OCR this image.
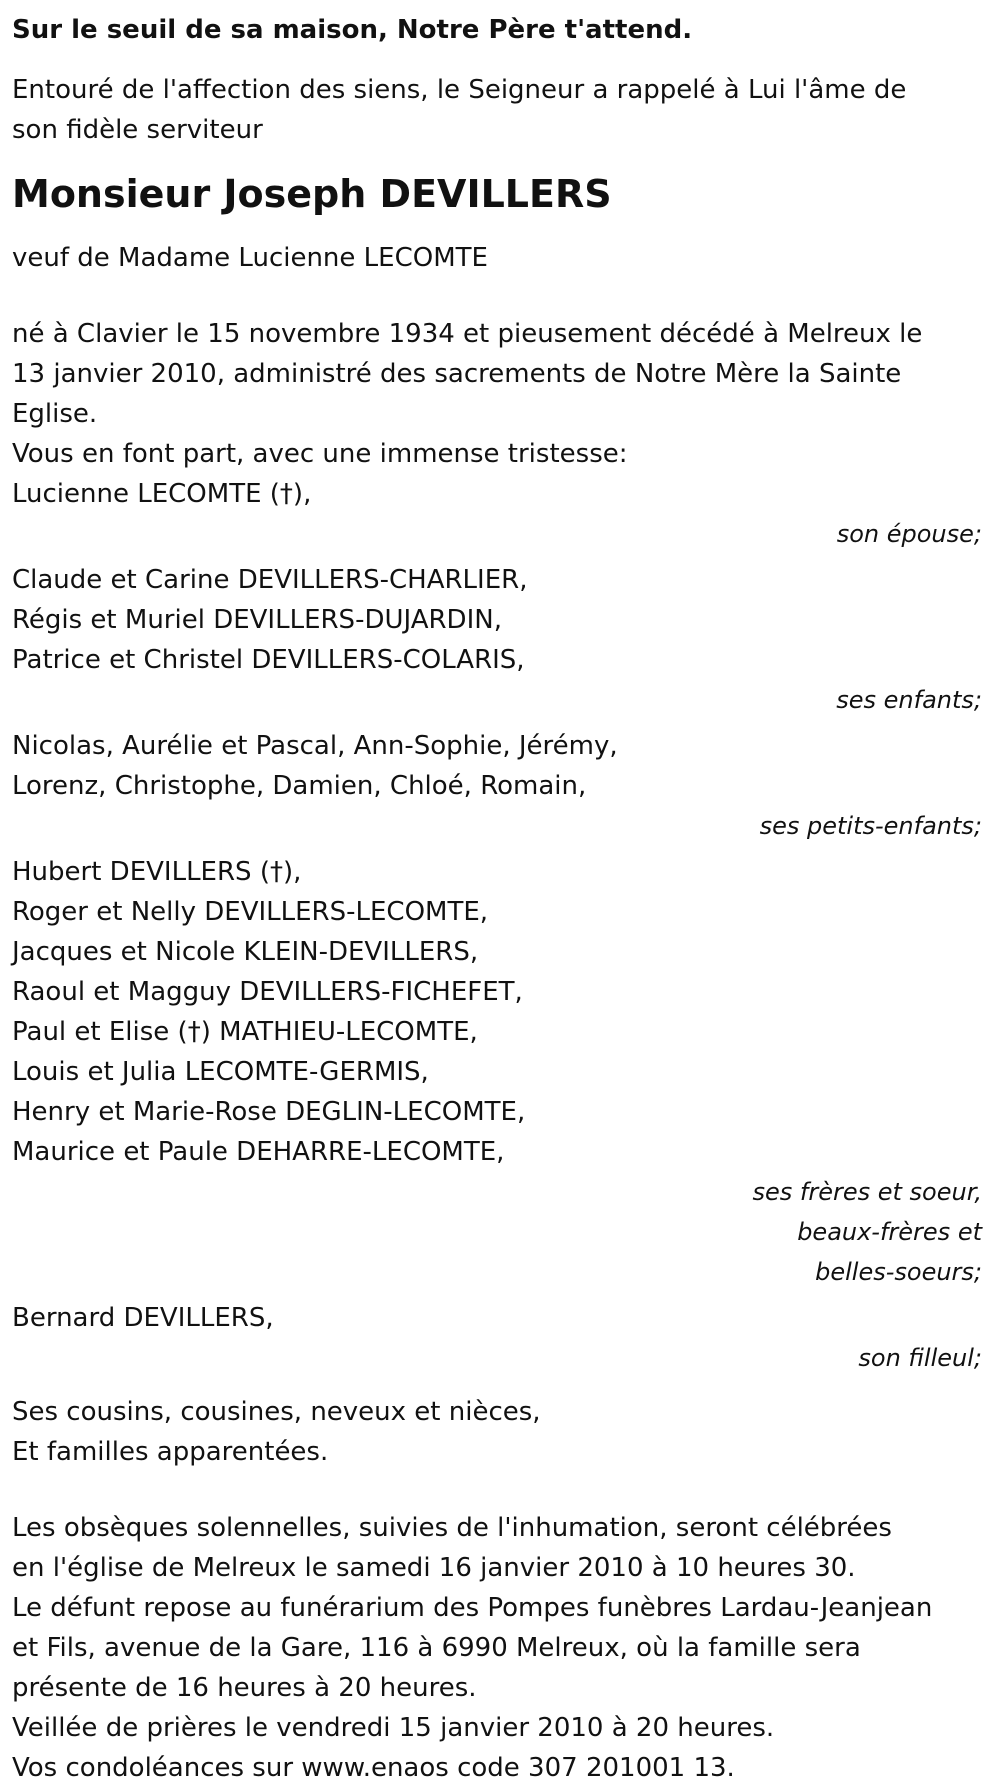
Sur le seuil de sa maison, Notre Père t'attend.
Entouré de l'affection des siens, le Seigneur a rappelé à Lui l'âme de son fidèle serviteur
Monsieur Joseph DEVILLERS
veuf de Madame Lucienne LECOMTE
né à Clavier le 15 novembre 1934 et pieusement décédé à Melreux le 13 janvier 2010, administré des sacrements de Notre Mère la Sainte Eglise.
Vous en font part, avec une immense tristesse:
Lucienne LECOMTE (†),
son épouse;
Claude et Carine DEVILLERS-CHARLIER,
Régis et Muriel DEVILLERS-DUJARDIN,
Patrice et Christel DEVILLERS-COLARIS,
ses enfants;
Nicolas, Aurélie et Pascal, Ann-Sophie, Jérémy,
Lorenz, Christophe, Damien, Chloé, Romain,
ses petits-enfants;
Hubert DEVILLERS (†),
Roger et Nelly DEVILLERS-LECOMTE,
Jacques et Nicole KLEIN-DEVILLERS,
Raoul et Magguy DEVILLERS-FICHEFET,
Paul et Elise (†) MATHIEU-LECOMTE,
Louis et Julia LECOMTE-GERMIS,
Henry et Marie-Rose DEGLIN-LECOMTE,
Maurice et Paule DEHARRE-LECOMTE,
ses frères et soeur,
beaux-frères et
belles-soeurs;
Bernard DEVILLERS,
son filleul;
Ses cousins, cousines, neveux et nièces,
Et familles apparentées.
Les obsèques solennelles, suivies de l'inhumation, seront célébrées en l'église de Melreux le samedi 16 janvier 2010 à 10 heures 30.
Le défunt repose au funérarium des Pompes funèbres Lardau-Jeanjean et Fils, avenue de la Gare, 116 à 6990 Melreux, où la famille sera présente de 16 heures à 20 heures.
Veillée de prières le vendredi 15 janvier 2010 à 20 heures.
Vos condoléances sur www.enaos code 307 201001 13.
